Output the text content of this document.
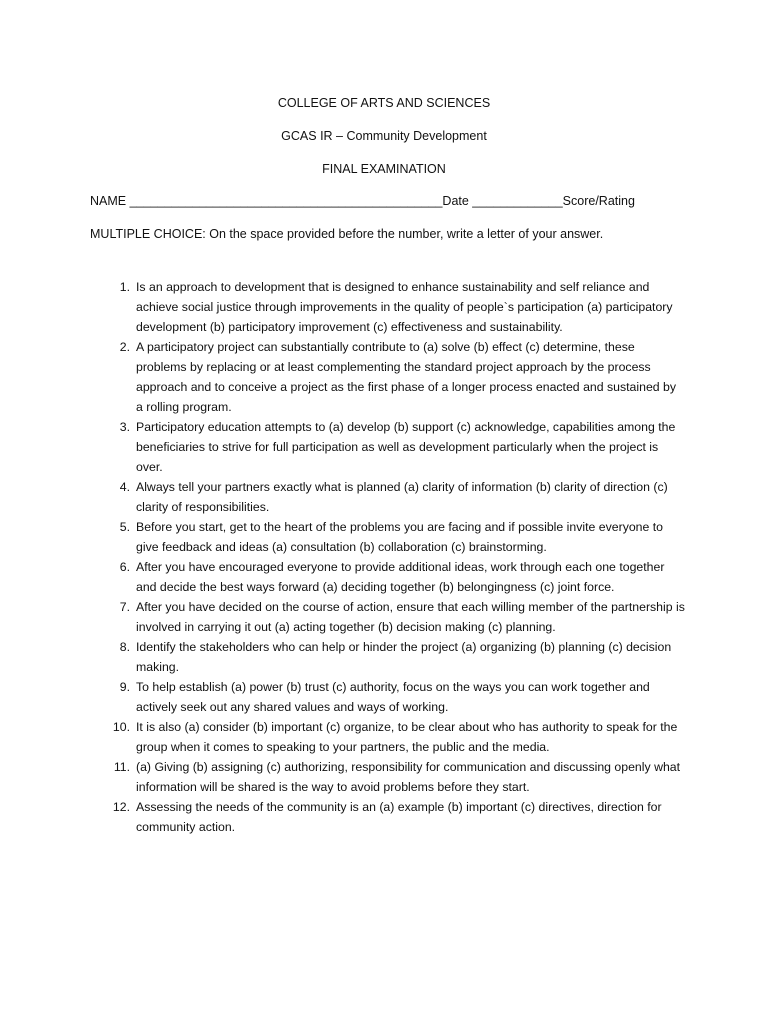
COLLEGE OF ARTS AND SCIENCES
GCAS IR – Community Development
FINAL EXAMINATION
NAME _____________________________________________Date _____________Score/Rating
MULTIPLE CHOICE: On the space provided before the number, write a letter of your answer.
1. Is an approach to development that is designed to enhance sustainability and self reliance and achieve social justice through improvements in the quality of people`s participation (a) participatory development (b) participatory improvement (c) effectiveness and sustainability.
2. A participatory project can substantially contribute to (a) solve (b) effect (c) determine, these problems by replacing or at least complementing the standard project approach by the process approach and to conceive a project as the first phase of a longer process enacted and sustained by a rolling program.
3. Participatory education attempts to (a) develop (b) support (c) acknowledge, capabilities among the beneficiaries to strive for full participation as well as development particularly when the project is over.
4. Always tell your partners exactly what is planned (a) clarity of information (b) clarity of direction (c) clarity of responsibilities.
5. Before you start, get to the heart of the problems you are facing and if possible invite everyone to give feedback and ideas (a) consultation (b) collaboration (c) brainstorming.
6. After you have encouraged everyone to provide additional ideas, work through each one together and decide the best ways forward (a) deciding together (b) belongingness (c) joint force.
7. After you have decided on the course of action, ensure that each willing member of the partnership is involved in carrying it out (a) acting together (b) decision making (c) planning.
8. Identify the stakeholders who can help or hinder the project (a) organizing (b) planning (c) decision making.
9. To help establish (a) power (b) trust (c) authority, focus on the ways you can work together and actively seek out any shared values and ways of working.
10. It is also (a) consider (b) important (c) organize, to be clear about who has authority to speak for the group when it comes to speaking to your partners, the public and the media.
11. (a) Giving (b) assigning (c) authorizing, responsibility for communication and discussing openly what information will be shared is the way to avoid problems before they start.
12. Assessing the needs of the community is an (a) example (b) important (c) directives, direction for community action.
